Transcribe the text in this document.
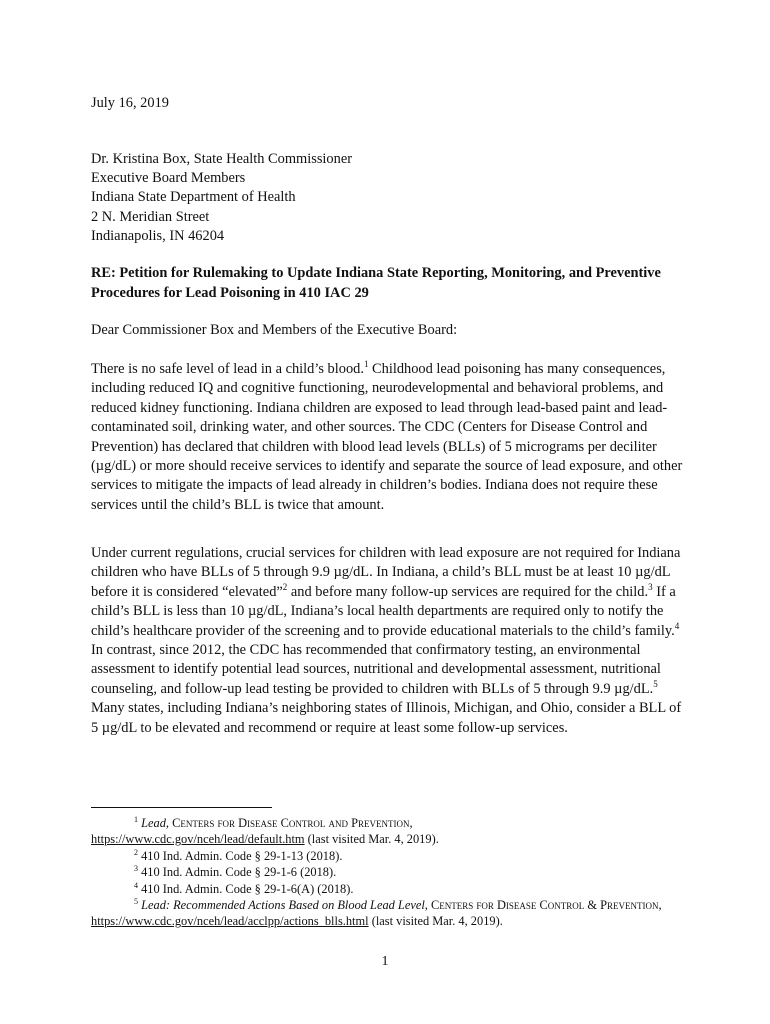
July 16, 2019

Dr. Kristina Box, State Health Commissioner
Executive Board Members
Indiana State Department of Health
2 N. Meridian Street
Indianapolis, IN 46204

RE: Petition for Rulemaking to Update Indiana State Reporting, Monitoring, and Preventive Procedures for Lead Poisoning in 410 IAC 29

Dear Commissioner Box and Members of the Executive Board:

There is no safe level of lead in a child’s blood.$^1$ Childhood lead poisoning has many consequences, including reduced IQ and cognitive functioning, neurodevelopmental and behavioral problems, and reduced kidney functioning. Indiana children are exposed to lead through lead-based paint and lead-contaminated soil, drinking water, and other sources. The CDC (Centers for Disease Control and Prevention) has declared that children with blood lead levels (BLLs) of 5 micrograms per deciliter (µg/dL) or more should receive services to identify and separate the source of lead exposure, and other services to mitigate the impacts of lead already in children’s bodies. Indiana does not require these services until the child’s BLL is twice that amount.

Under current regulations, crucial services for children with lead exposure are not required for Indiana children who have BLLs of 5 through 9.9 µg/dL. In Indiana, a child’s BLL must be at least 10 µg/dL before it is considered “elevated”$^2$ and before many follow-up services are required for the child.$^3$ If a child’s BLL is less than 10 µg/dL, Indiana’s local health departments are required only to notify the child’s healthcare provider of the screening and to provide educational materials to the child’s family.$^4$ In contrast, since 2012, the CDC has recommended that confirmatory testing, an environmental assessment to identify potential lead sources, nutritional and developmental assessment, nutritional counseling, and follow-up lead testing be provided to children with BLLs of 5 through 9.9 µg/dL.$^5$ Many states, including Indiana’s neighboring states of Illinois, Michigan, and Ohio, consider a BLL of 5 µg/dL to be elevated and recommend or require at least some follow-up services.

$^1$ Lead, Centers for Disease Control and Prevention,
https://www.cdc.gov/nceh/lead/default.htm (last visited Mar. 4, 2019).

$^2$ 410 Ind. Admin. Code § 29-1-13 (2018).

$^3$ 410 Ind. Admin. Code § 29-1-6 (2018).

$^4$ 410 Ind. Admin. Code § 29-1-6(A) (2018).

$^5$ Lead: Recommended Actions Based on Blood Lead Level, Centers for Disease Control & Prevention, https://www.cdc.gov/nceh/lead/acclpp/actions_blls.html (last visited Mar. 4, 2019).

1
